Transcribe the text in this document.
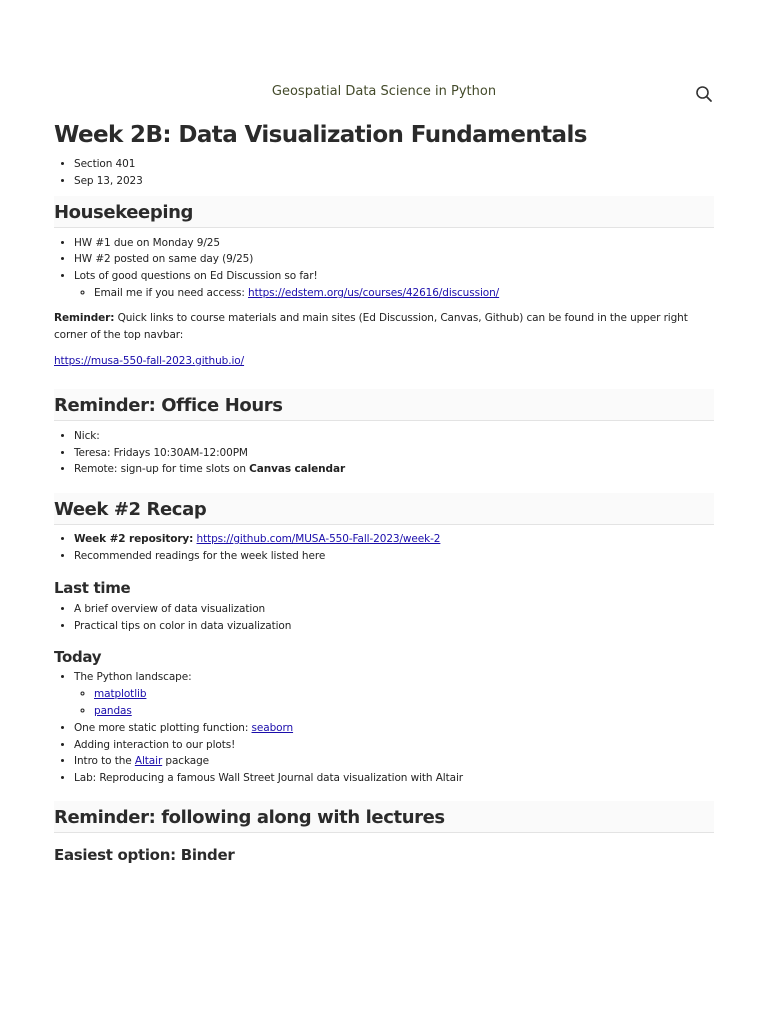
Geospatial Data Science in Python
Week 2B: Data Visualization Fundamentals
• Section 401
• Sep 13, 2023
Housekeeping
• HW #1 due on Monday 9/25
• HW #2 posted on same day (9/25)
• Lots of good questions on Ed Discussion so far!
◦ Email me if you need access: https://edstem.org/us/courses/42616/discussion/

Reminder: Quick links to course materials and main sites (Ed Discussion, Canvas, Github) can be found in the upper right corner of the top navbar:

https://musa-550-fall-2023.github.io/

Reminder: Office Hours
• Nick:
• Teresa: Fridays 10:30AM-12:00PM
• Remote: sign-up for time slots on Canvas calendar
Week #2 Recap
• Week #2 repository: https://github.com/MUSA-550-Fall-2023/week-2
• Recommended readings for the week listed here
Last time
• A brief overview of data visualization
• Practical tips on color in data vizualization
Today
• The Python landscape:
◦ matplotlib
◦ pandas
• One more static plotting function: seaborn
• Adding interaction to our plots!
• Intro to the Altair package
• Lab: Reproducing a famous Wall Street Journal data visualization with Altair
Reminder: following along with lectures
Easiest option: Binder
